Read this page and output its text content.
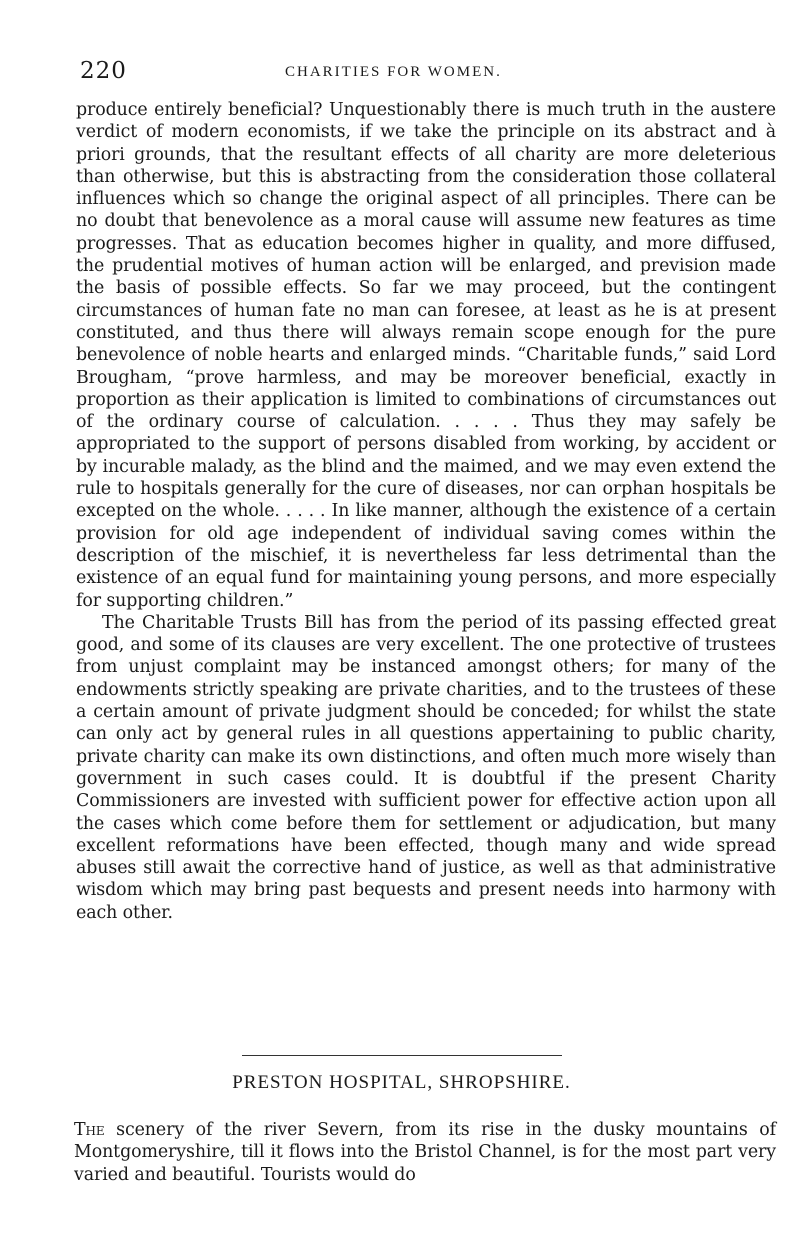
220	CHARITIES FOR WOMEN.

produce entirely beneficial? Unquestionably there is much truth in the austere verdict of modern economists, if we take the principle on its abstract and à priori grounds, that the resultant effects of all charity are more deleterious than otherwise, but this is abstracting from the consideration those collateral influences which so change the original aspect of all principles. There can be no doubt that benevolence as a moral cause will assume new features as time progresses. That as education becomes higher in quality, and more diffused, the prudential motives of human action will be enlarged, and prevision made the basis of possible effects. So far we may proceed, but the contingent circumstances of human fate no man can foresee, at least as he is at present constituted, and thus there will always remain scope enough for the pure benevolence of noble hearts and enlarged minds. “Charitable funds,” said Lord Brougham, “prove harmless, and may be moreover beneficial, exactly in proportion as their application is limited to combinations of circumstances out of the ordinary course of calculation. . . . . Thus they may safely be appropriated to the support of persons disabled from working, by accident or by incurable malady, as the blind and the maimed, and we may even extend the rule to hospitals generally for the cure of diseases, nor can orphan hospitals be excepted on the whole. . . . . In like manner, although the existence of a certain provision for old age independent of individual saving comes within the description of the mischief, it is nevertheless far less detrimental than the existence of an equal fund for maintaining young persons, and more especially for supporting children.”

The Charitable Trusts Bill has from the period of its passing effected great good, and some of its clauses are very excellent. The one protective of trustees from unjust complaint may be instanced amongst others; for many of the endowments strictly speaking are private charities, and to the trustees of these a certain amount of private judgment should be conceded; for whilst the state can only act by general rules in all questions appertaining to public charity, private charity can make its own distinctions, and often much more wisely than government in such cases could. It is doubtful if the present Charity Commissioners are invested with sufficient power for effective action upon all the cases which come before them for settlement or adjudication, but many excellent reformations have been effected, though many and wide spread abuses still await the corrective hand of justice, as well as that administrative wisdom which may bring past bequests and present needs into harmony with each other.

PRESTON HOSPITAL, SHROPSHIRE.

The scenery of the river Severn, from its rise in the dusky mountains of Montgomeryshire, till it flows into the Bristol Channel, is for the most part very varied and beautiful. Tourists would do
